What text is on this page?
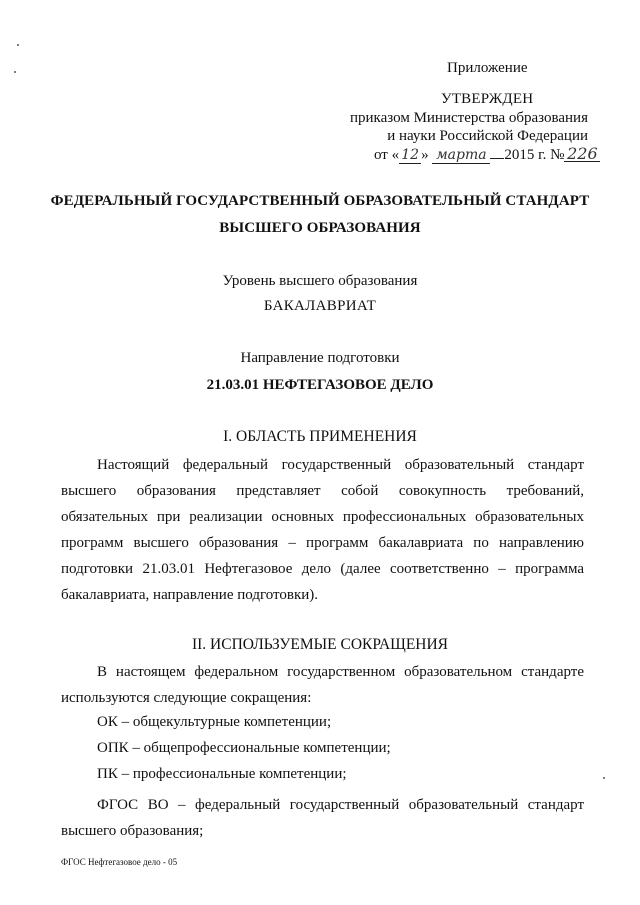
Приложение
УТВЕРЖДЕН
приказом Министерства образования
и науки Российской Федерации
от « 12 » марта 2015 г. № 226
ФЕДЕРАЛЬНЫЙ ГОСУДАРСТВЕННЫЙ ОБРАЗОВАТЕЛЬНЫЙ СТАНДАРТ
ВЫСШЕГО ОБРАЗОВАНИЯ
Уровень высшего образования
БАКАЛАВРИАТ
Направление подготовки
21.03.01 НЕФТЕГАЗОВОЕ ДЕЛО
I. ОБЛАСТЬ ПРИМЕНЕНИЯ
Настоящий федеральный государственный образовательный стандарт высшего образования представляет собой совокупность требований, обязательных при реализации основных профессиональных образовательных программ высшего образования – программ бакалавриата по направлению подготовки 21.03.01 Нефтегазовое дело (далее соответственно – программа бакалавриата, направление подготовки).
II. ИСПОЛЬЗУЕМЫЕ СОКРАЩЕНИЯ
В настоящем федеральном государственном образовательном стандарте используются следующие сокращения:
ОК – общекультурные компетенции;
ОПК – общепрофессиональные компетенции;
ПК – профессиональные компетенции;
ФГОС ВО – федеральный государственный образовательный стандарт высшего образования;
ФГОС Нефтегазовое дело - 05
